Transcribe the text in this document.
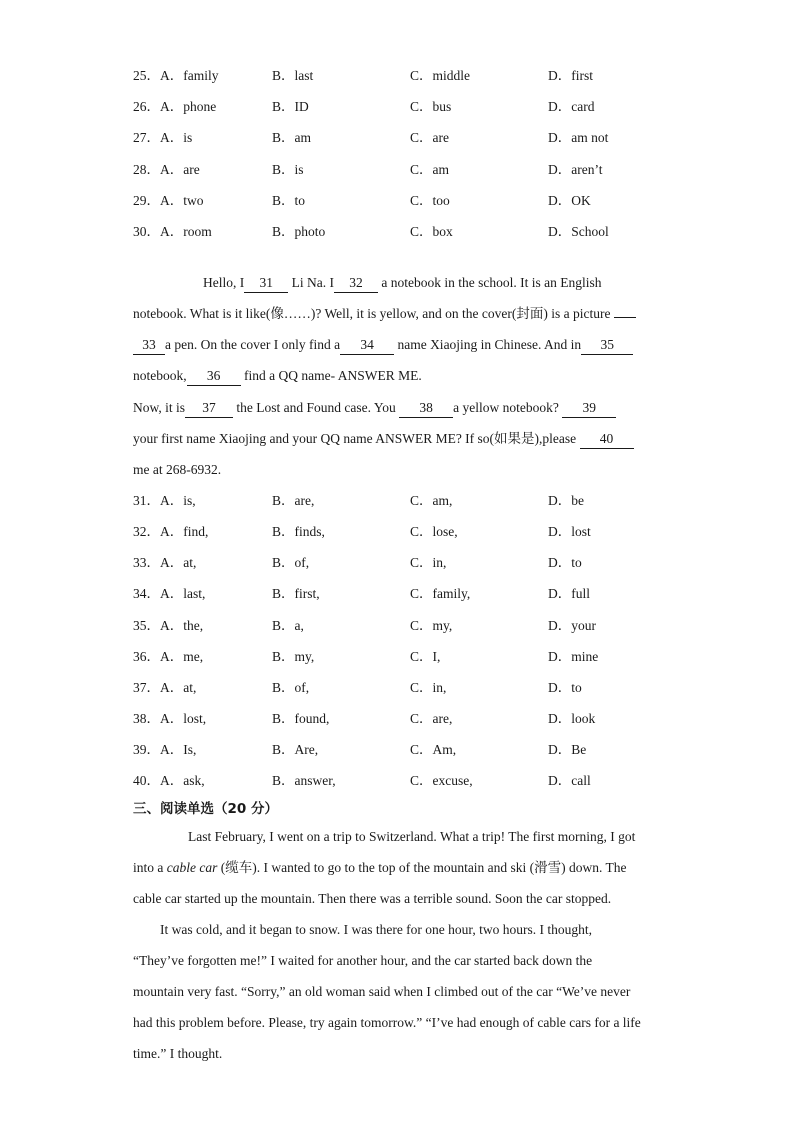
25．A．family	B．last	C．middle	D．first
26．A．phone	B．ID	C．bus	D．card
27．A．is	B．am	C．are	D．am not
28．A．are	B．is	C．am	D．aren’t
29．A．two	B．to	C．too	D．OK
30．A．room	B．photo	C．box	D．School
Hello, I 31 Li Na. I 32 a notebook in the school. It is an English
notebook. What is it like(像……)? Well, it is yellow, and on the cover(封面) is a picture
33 a pen. On the cover I only find a 34 name Xiaojing in Chinese. And in 35
notebook, 36 find a QQ name- ANSWER ME.
Now, it is 37 the Lost and Found case. You 38 a yellow notebook? 39
your first name Xiaojing and your QQ name ANSWER ME? If so(如果是),please 40
me at 268-6932.
31．A．is,	B．are,	C．am,	D．be
32．A．find,	B．finds,	C．lose,	D．lost
33．A．at,	B．of,	C．in,	D．to
34．A．last,	B．first,	C．family,	D．full
35．A．the,	B．a,	C．my,	D．your
36．A．me,	B．my,	C．I,	D．mine
37．A．at,	B．of,	C．in,	D．to
38．A．lost,	B．found,	C．are,	D．look
39．A．Is,	B．Are,	C．Am,	D．Be
40．A．ask,	B．answer,	C．excuse,	D．call
三、阅读单选（20 分）
Last February, I went on a trip to Switzerland. What a trip! The first morning, I got
into a cable car (缆车). I wanted to go to the top of the mountain and ski (滑雪) down. The
cable car started up the mountain. Then there was a terrible sound. Soon the car stopped.
It was cold, and it began to snow. I was there for one hour, two hours. I thought,
“They’ve forgotten me!” I waited for another hour, and the car started back down the
mountain very fast. “Sorry,” an old woman said when I climbed out of the car “We’ve never
had this problem before. Please, try again tomorrow.” “I’ve had enough of cable cars for a life
time.” I thought.
